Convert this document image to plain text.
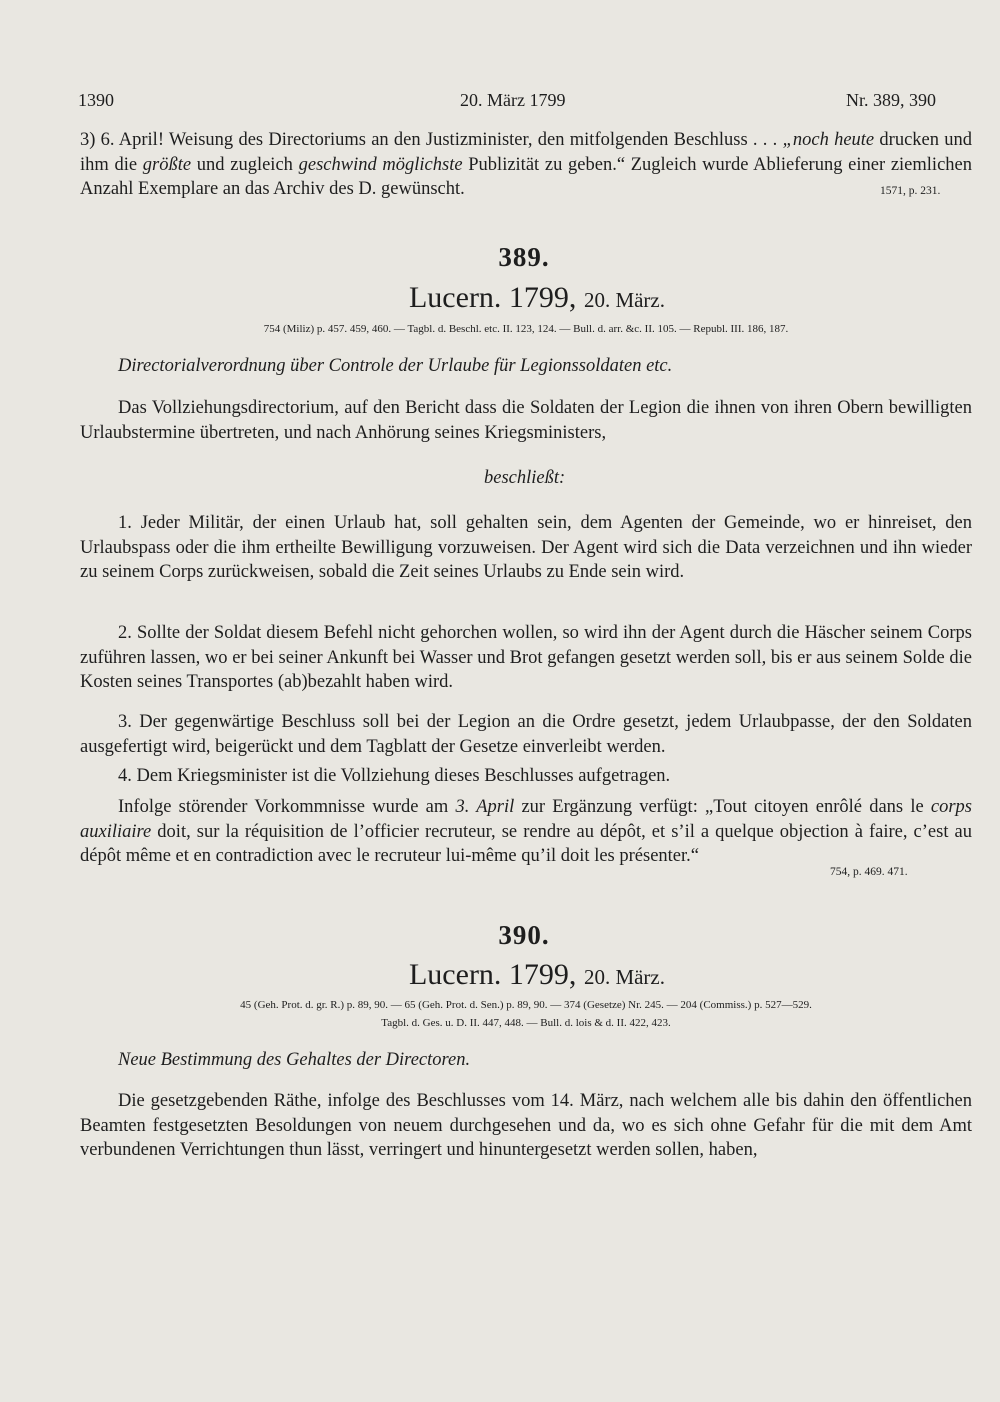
1390	20. März 1799	Nr. 389, 390
3) 6. April! Weisung des Directoriums an den Justizminister, den mitfolgenden Beschluss . . . „noch heute drucken und ihm die größte und zugleich geschwind möglichste Publizität zu geben.“ Zugleich wurde Ablieferung einer ziemlichen Anzahl Exemplare an das Archiv des D. gewünscht.	1571, p. 231.
389.
Lucern. 1799, 20. März.
754 (Miliz) p. 457. 459, 460. — Tagbl. d. Beschl. etc. II. 123, 124. — Bull. d. arr. &c. II. 105. — Republ. III. 186, 187.
Directorialverordnung über Controle der Urlaube für Legionssoldaten etc.
Das Vollziehungsdirectorium, auf den Bericht dass die Soldaten der Legion die ihnen von ihren Obern bewilligten Urlaubstermine übertreten, und nach Anhörung seines Kriegsministers,
beschließt:
1. Jeder Militär, der einen Urlaub hat, soll gehalten sein, dem Agenten der Gemeinde, wo er hinreiset, den Urlaubspass oder die ihm ertheilte Bewilligung vorzuweisen. Der Agent wird sich die Data verzeichnen und ihn wieder zu seinem Corps zurückweisen, sobald die Zeit seines Urlaubs zu Ende sein wird.
2. Sollte der Soldat diesem Befehl nicht gehorchen wollen, so wird ihn der Agent durch die Häscher seinem Corps zuführen lassen, wo er bei seiner Ankunft bei Wasser und Brot gefangen gesetzt werden soll, bis er aus seinem Solde die Kosten seines Transportes (ab)bezahlt haben wird.
3. Der gegenwärtige Beschluss soll bei der Legion an die Ordre gesetzt, jedem Urlaubpasse, der den Soldaten ausgefertigt wird, beigerückt und dem Tagblatt der Gesetze einverleibt werden.
4. Dem Kriegsminister ist die Vollziehung dieses Beschlusses aufgetragen.
Infolge störender Vorkommnisse wurde am 3. April zur Ergänzung verfügt: „Tout citoyen enrôlé dans le corps auxiliaire doit, sur la réquisition de l’officier recruteur, se rendre au dépôt, et s’il a quelque objection à faire, c’est au dépôt même et en contradiction avec le recruteur lui-même qu’il doit les présenter.“
754, p. 469. 471.
390.
Lucern. 1799, 20. März.
45 (Geh. Prot. d. gr. R.) p. 89, 90. — 65 (Geh. Prot. d. Sen.) p. 89, 90. — 374 (Gesetze) Nr. 245. — 204 (Commiss.) p. 527—529.
Tagbl. d. Ges. u. D. II. 447, 448. — Bull. d. lois & d. II. 422, 423.
Neue Bestimmung des Gehaltes der Directoren.
Die gesetzgebenden Räthe, infolge des Beschlusses vom 14. März, nach welchem alle bis dahin den öffentlichen Beamten festgesetzten Besoldungen von neuem durchgesehen und da, wo es sich ohne Gefahr für die mit dem Amt verbundenen Verrichtungen thun lässt, verringert und hinuntergesetzt werden sollen, haben,
